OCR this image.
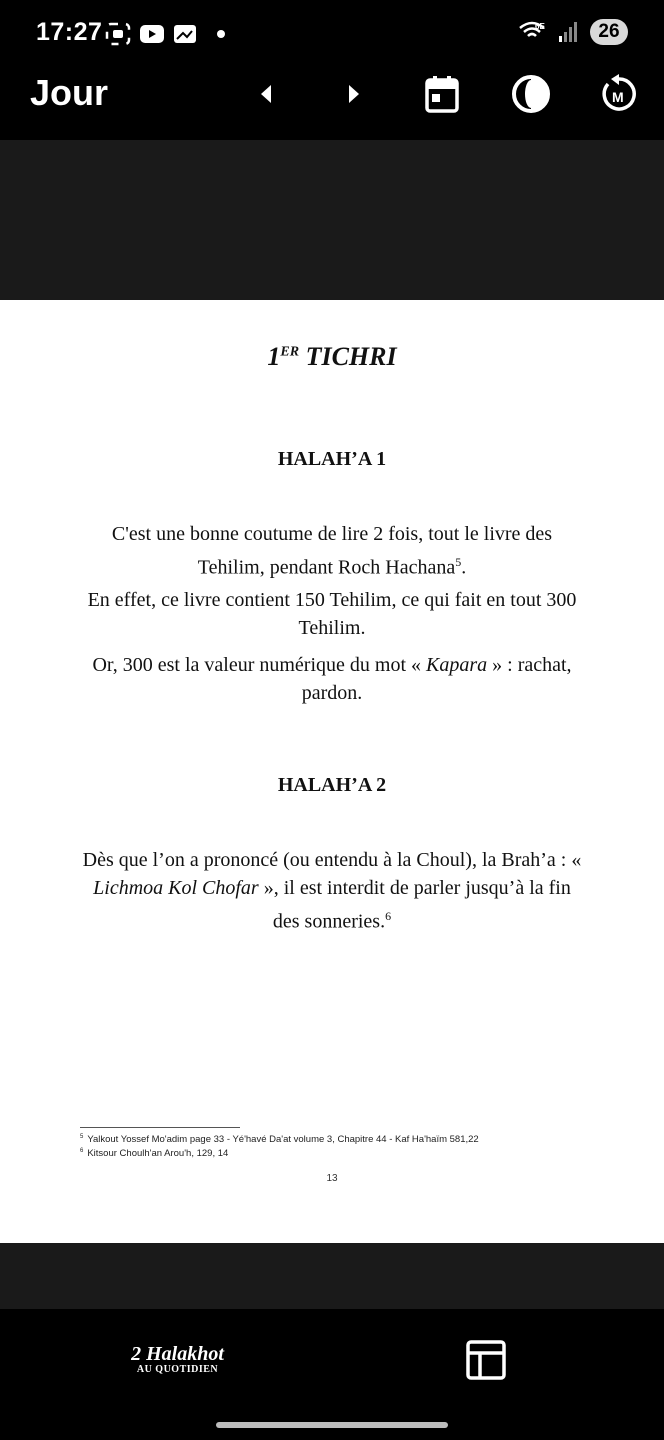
17:27	6E	26
Jour	M
1ER TICHRI
HALAH’A 1
C'est une bonne coutume de lire 2 fois, tout le livre des Tehilim, pendant Roch Hachana$^5$.
En effet, ce livre contient 150 Tehilim, ce qui fait en tout 300 Tehilim.
Or, 300 est la valeur numérique du mot « Kapara » : rachat, pardon.
HALAH’A 2
Dès que l’on a prononcé (ou entendu à la Choul), la Brah’a : « Lichmoa Kol Chofar », il est interdit de parler jusqu’à la fin des sonneries.$^6$
$^5$ Yalkout Yossef Mo'adim page 33 - Yé'havé Da'at volume 3, Chapitre 44 - Kaf Ha'haïm 581,22
$^6$ Kitsour Choulh'an Arou'h, 129, 14
13
2 Halakhot
AU QUOTIDIEN
